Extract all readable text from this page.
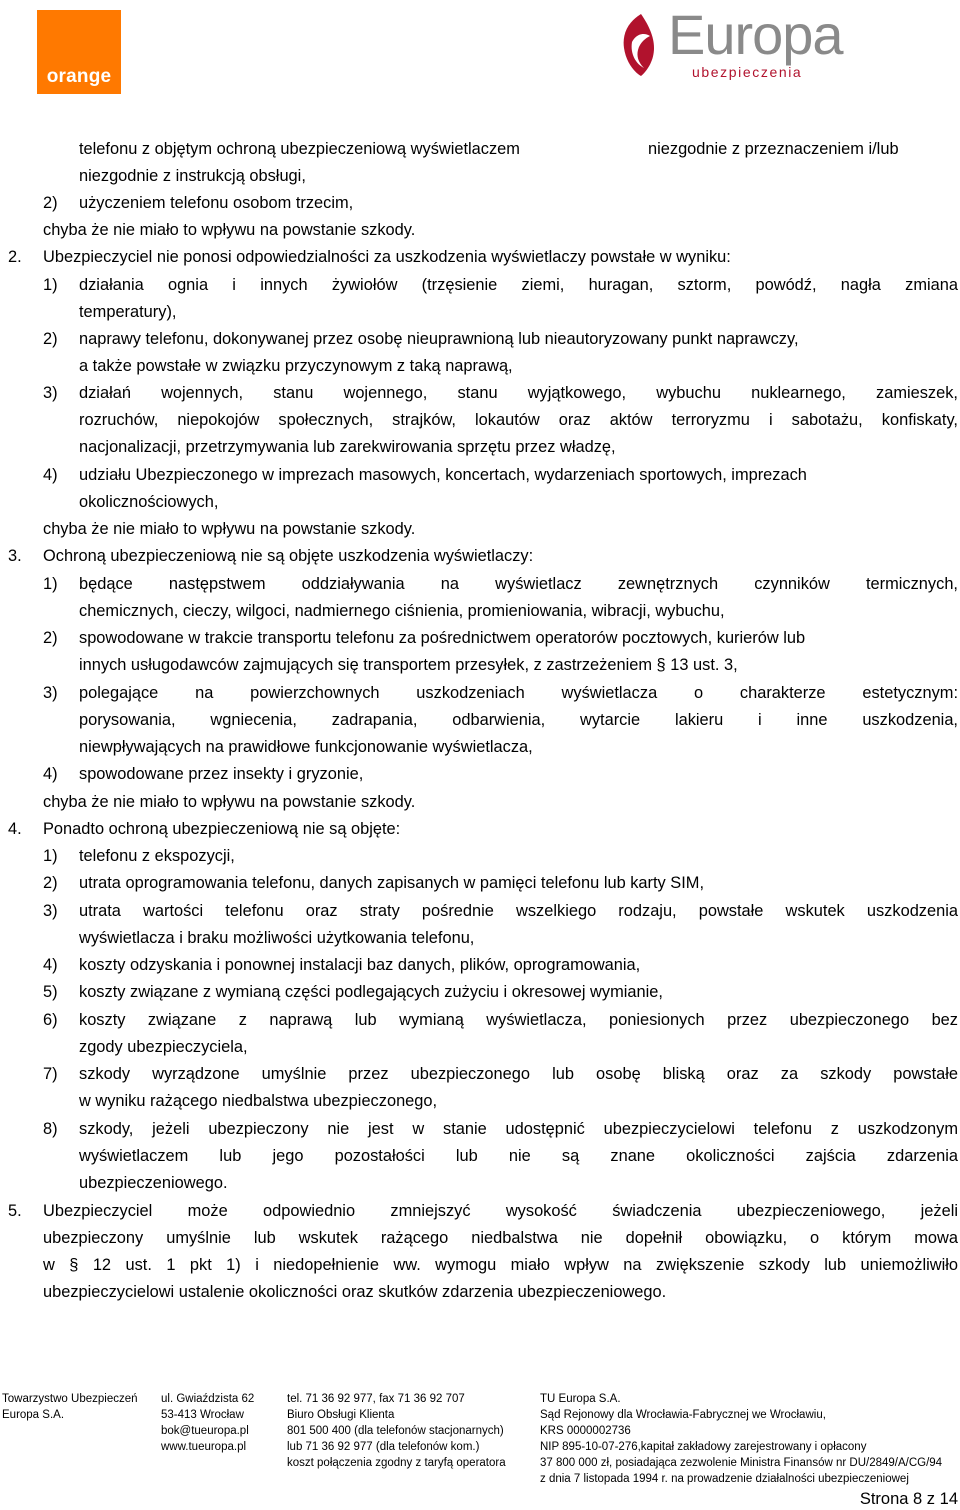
orange
Europa
ubezpieczenia
telefonu z objętym ochroną ubezpieczeniową wyświetlaczem	niezgodnie z przeznaczeniem i/lub
niezgodnie z instrukcją obsługi,
2) użyczeniem telefonu osobom trzecim,
chyba że nie miało to wpływu na powstanie szkody.
2. Ubezpieczyciel nie ponosi odpowiedzialności za uszkodzenia wyświetlaczy powstałe w wyniku:
1) działania ognia i innych żywiołów (trzęsienie ziemi, huragan, sztorm, powódź, nagła zmiana
temperatury),
2) naprawy telefonu, dokonywanej przez osobę nieuprawnioną lub nieautoryzowany punkt naprawczy,
a także powstałe w związku przyczynowym z taką naprawą,
3) działań wojennych, stanu wojennego, stanu wyjątkowego, wybuchu nuklearnego, zamieszek,
rozruchów, niepokojów społecznych, strajków, lokautów oraz aktów terroryzmu i sabotażu, konfiskaty,
nacjonalizacji, przetrzymywania lub zarekwirowania sprzętu przez władzę,
4) udziału Ubezpieczonego w imprezach masowych, koncertach, wydarzeniach sportowych, imprezach
okolicznościowych,
chyba że nie miało to wpływu na powstanie szkody.
3. Ochroną ubezpieczeniową nie są objęte uszkodzenia wyświetlaczy:
1) będące następstwem oddziaływania na wyświetlacz zewnętrznych czynników termicznych,
chemicznych, cieczy, wilgoci, nadmiernego ciśnienia, promieniowania, wibracji, wybuchu,
2) spowodowane w trakcie transportu telefonu za pośrednictwem operatorów pocztowych, kurierów lub
innych usługodawców zajmujących się transportem przesyłek, z zastrzeżeniem § 13 ust. 3,
3) polegające na powierzchownych uszkodzeniach wyświetlacza o charakterze estetycznym:
porysowania, wgniecenia, zadrapania, odbarwienia, wytarcie lakieru i inne uszkodzenia,
niewpływających na prawidłowe funkcjonowanie wyświetlacza,
4) spowodowane przez insekty i gryzonie,
chyba że nie miało to wpływu na powstanie szkody.
4. Ponadto ochroną ubezpieczeniową nie są objęte:
1) telefonu z ekspozycji,
2) utrata oprogramowania telefonu, danych zapisanych w pamięci telefonu lub karty SIM,
3) utrata wartości telefonu oraz straty pośrednie wszelkiego rodzaju, powstałe wskutek uszkodzenia
wyświetlacza i braku możliwości użytkowania telefonu,
4) koszty odzyskania i ponownej instalacji baz danych, plików, oprogramowania,
5) koszty związane z wymianą części podlegających zużyciu i okresowej wymianie,
6) koszty związane z naprawą lub wymianą wyświetlacza, poniesionych przez ubezpieczonego bez
zgody ubezpieczyciela,
7) szkody wyrządzone umyślnie przez ubezpieczonego lub osobę bliską oraz za szkody powstałe
w wyniku rażącego niedbalstwa ubezpieczonego,
8) szkody, jeżeli ubezpieczony nie jest w stanie udostępnić ubezpieczycielowi telefonu z uszkodzonym
wyświetlaczem lub jego pozostałości lub nie są znane okoliczności zajścia zdarzenia
ubezpieczeniowego.
5. Ubezpieczyciel może odpowiednio zmniejszyć wysokość świadczenia ubezpieczeniowego, jeżeli
ubezpieczony umyślnie lub wskutek rażącego niedbalstwa nie dopełnił obowiązku, o którym mowa
w § 12 ust. 1 pkt 1) i niedopełnienie ww. wymogu miało wpływ na zwiększenie szkody lub uniemożliwiło
ubezpieczycielowi ustalenie okoliczności oraz skutków zdarzenia ubezpieczeniowego.
Towarzystwo Ubezpieczeń
Europa S.A.
ul. Gwiaździsta 62
53-413 Wrocław
bok@tueuropa.pl
www.tueuropa.pl
tel. 71 36 92 977, fax 71 36 92 707
Biuro Obsługi Klienta
801 500 400 (dla telefonów stacjonarnych)
lub 71 36 92 977 (dla telefonów kom.)
koszt połączenia zgodny z taryfą operatora
TU Europa S.A.
Sąd Rejonowy dla Wrocławia-Fabrycznej we Wrocławiu,
KRS 0000002736
NIP 895-10-07-276,kapitał zakładowy zarejestrowany i opłacony
37 800 000 zł, posiadająca zezwolenie Ministra Finansów nr DU/2849/A/CG/94
z dnia 7 listopada 1994 r. na prowadzenie działalności ubezpieczeniowej
Strona 8 z 14
